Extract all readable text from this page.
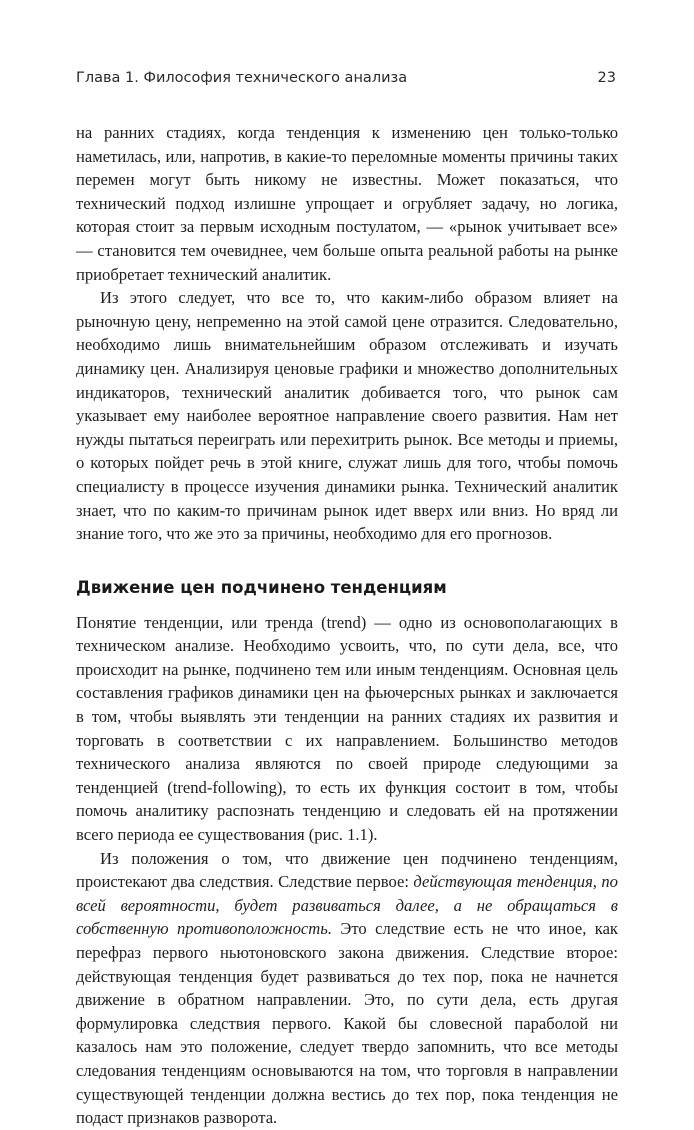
Глава 1. Философия технического анализа	23

на ранних стадиях, когда тенденция к изменению цен только-только наметилась, или, напротив, в какие-то переломные моменты причины таких перемен могут быть никому не известны. Может показаться, что технический подход излишне упрощает и огрубляет задачу, но логика, которая стоит за первым исходным постулатом, — «рынок учитывает все» — становится тем очевиднее, чем больше опыта реальной работы на рынке приобретает технический аналитик.

Из этого следует, что все то, что каким-либо образом влияет на рыночную цену, непременно на этой самой цене отразится. Следовательно, необходимо лишь внимательнейшим образом отслеживать и изучать динамику цен. Анализируя ценовые графики и множество дополнительных индикаторов, технический аналитик добивается того, что рынок сам указывает ему наиболее вероятное направление своего развития. Нам нет нужды пытаться переиграть или перехитрить рынок. Все методы и приемы, о которых пойдет речь в этой книге, служат лишь для того, чтобы помочь специалисту в процессе изучения динамики рынка. Технический аналитик знает, что по каким-то причинам рынок идет вверх или вниз. Но вряд ли знание того, что же это за причины, необходимо для его прогнозов.

Движение цен подчинено тенденциям

Понятие тенденции, или тренда (trend) — одно из основополагающих в техническом анализе. Необходимо усвоить, что, по сути дела, все, что происходит на рынке, подчинено тем или иным тенденциям. Основная цель составления графиков динамики цен на фьючерсных рынках и заключается в том, чтобы выявлять эти тенденции на ранних стадиях их развития и торговать в соответствии с их направлением. Большинство методов технического анализа являются по своей природе следующими за тенденцией (trend-following), то есть их функция состоит в том, чтобы помочь аналитику распознать тенденцию и следовать ей на протяжении всего периода ее существования (рис. 1.1).

Из положения о том, что движение цен подчинено тенденциям, проистекают два следствия. Следствие первое: действующая тенденция, по всей вероятности, будет развиваться далее, а не обращаться в собственную противоположность. Это следствие есть не что иное, как перефраз первого ньютоновского закона движения. Следствие второе: действующая тенденция будет развиваться до тех пор, пока не начнется движение в обратном направлении. Это, по сути дела, есть другая формулировка следствия первого. Какой бы словесной параболой ни казалось нам это положение, следует твердо запомнить, что все методы следования тенденциям основываются на том, что торговля в направлении существующей тенденции должна вестись до тех пор, пока тенденция не подаст признаков разворота.
